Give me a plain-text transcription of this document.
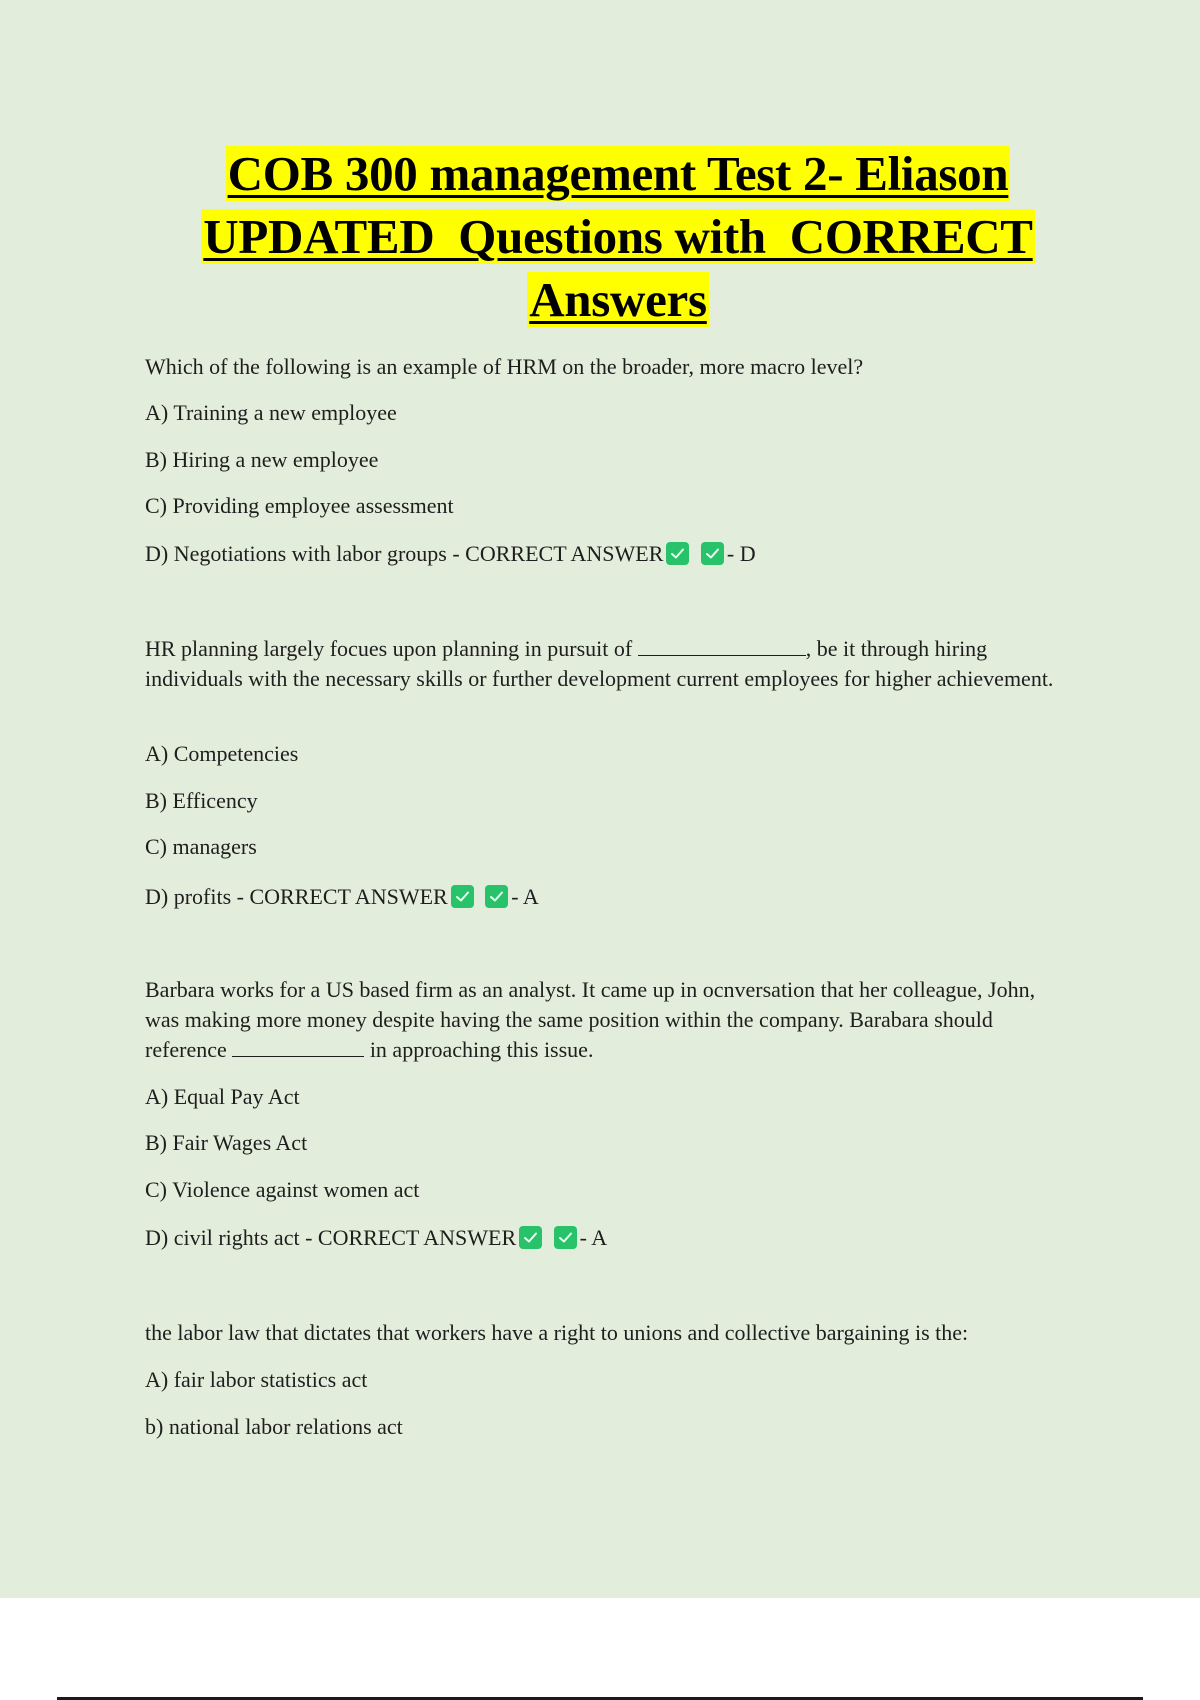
COB 300 management Test 2- Eliason
UPDATED  Questions with  CORRECT
Answers
Which of the following is an example of HRM on the broader, more macro level?
A) Training a new employee
B) Hiring a new employee
C) Providing employee assessment
D) Negotiations with labor groups - CORRECT ANSWER
	- D
HR planning largely focues upon planning in pursuit of	, be it through hiring individuals with the necessary skills or further development current employees for higher achievement.
A) Competencies
B) Efficency
C) managers
D) profits - CORRECT ANSWER
	- A
Barbara works for a US based firm as an analyst. It came up in ocnversation that her colleague, John, was making more money despite having the same position within the company. Barabara should reference	in approaching this issue.
A) Equal Pay Act
B) Fair Wages Act
C) Violence against women act
D) civil rights act - CORRECT ANSWER
	- A
the labor law that dictates that workers have a right to unions and collective bargaining is the:
A) fair labor statistics act
b) national labor relations act
